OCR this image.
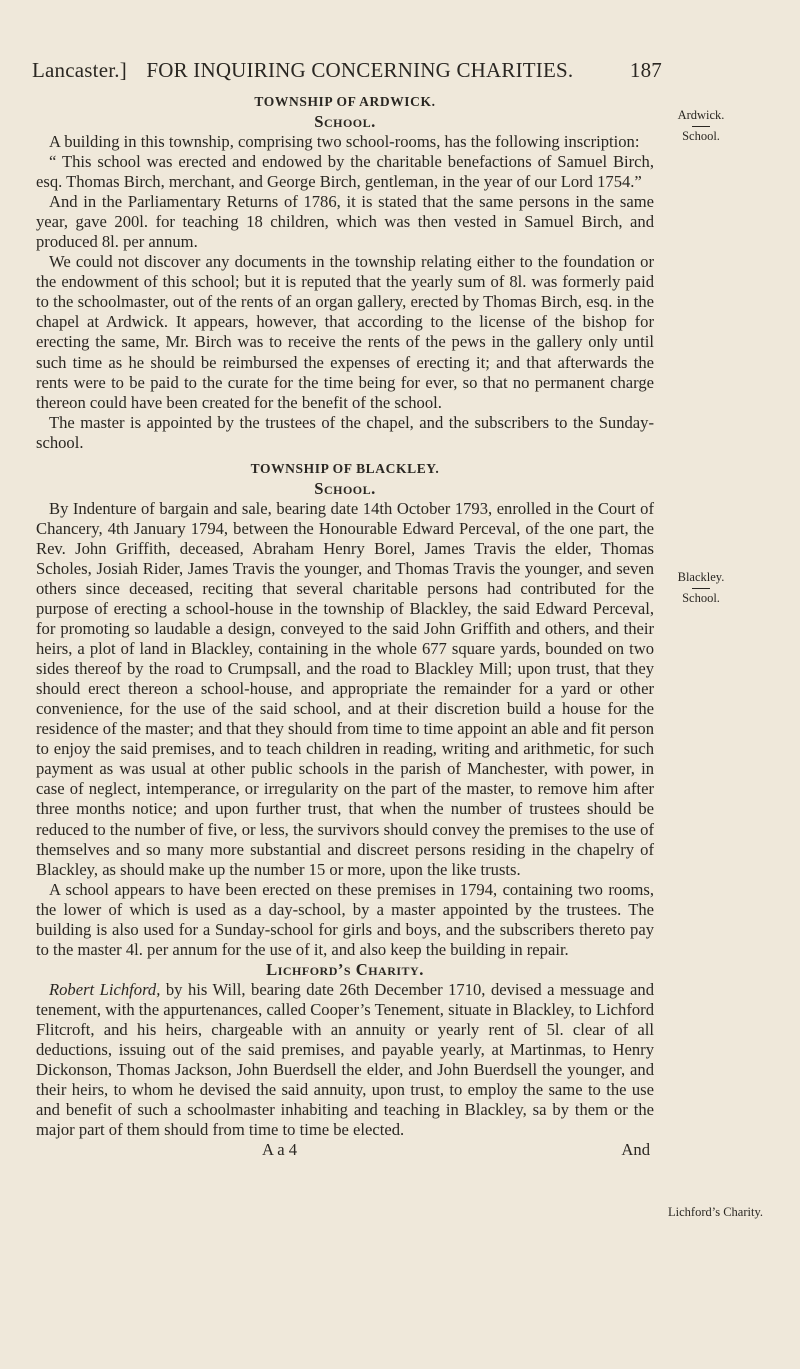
Lancaster.] FOR INQUIRING CONCERNING CHARITIES.	187
TOWNSHIP OF ARDWICK.
School.

A building in this township, comprising two school-rooms, has the following inscription:

“ This school was erected and endowed by the charitable benefactions of Samuel Birch, esq. Thomas Birch, merchant, and George Birch, gentleman, in the year of our Lord 1754.”

And in the Parliamentary Returns of 1786, it is stated that the same persons in the same year, gave 200l. for teaching 18 children, which was then vested in Samuel Birch, and produced 8l. per annum.

We could not discover any documents in the township relating either to the foundation or the endowment of this school; but it is reputed that the yearly sum of 8l. was formerly paid to the schoolmaster, out of the rents of an organ gallery, erected by Thomas Birch, esq. in the chapel at Ardwick. It appears, however, that according to the license of the bishop for erecting the same, Mr. Birch was to receive the rents of the pews in the gallery only until such time as he should be reimbursed the expenses of erecting it; and that afterwards the rents were to be paid to the curate for the time being for ever, so that no permanent charge thereon could have been created for the benefit of the school.

The master is appointed by the trustees of the chapel, and the subscribers to the Sunday-school.

TOWNSHIP OF BLACKLEY.
School.

By Indenture of bargain and sale, bearing date 14th October 1793, enrolled in the Court of Chancery, 4th January 1794, between the Honourable Edward Perceval, of the one part, the Rev. John Griffith, deceased, Abraham Henry Borel, James Travis the elder, Thomas Scholes, Josiah Rider, James Travis the younger, and Thomas Travis the younger, and seven others since deceased, reciting that several charitable persons had contributed for the purpose of erecting a school-house in the township of Blackley, the said Edward Perceval, for promoting so laudable a design, conveyed to the said John Griffith and others, and their heirs, a plot of land in Blackley, containing in the whole 677 square yards, bounded on two sides thereof by the road to Crumpsall, and the road to Blackley Mill; upon trust, that they should erect thereon a school-house, and appropriate the remainder for a yard or other convenience, for the use of the said school, and at their discretion build a house for the residence of the master; and that they should from time to time appoint an able and fit person to enjoy the said premises, and to teach children in reading, writing and arithmetic, for such payment as was usual at other public schools in the parish of Manchester, with power, in case of neglect, intemperance, or irregularity on the part of the master, to remove him after three months notice; and upon further trust, that when the number of trustees should be reduced to the number of five, or less, the survivors should convey the premises to the use of themselves and so many more substantial and discreet persons residing in the chapelry of Blackley, as should make up the number 15 or more, upon the like trusts.

A school appears to have been erected on these premises in 1794, containing two rooms, the lower of which is used as a day-school, by a master appointed by the trustees. The building is also used for a Sunday-school for girls and boys, and the subscribers thereto pay to the master 4l. per annum for the use of it, and also keep the building in repair.

Lichford’s Charity.

Robert Lichford, by his Will, bearing date 26th December 1710, devised a messuage and tenement, with the appurtenances, called Cooper’s Tenement, situate in Blackley, to Lichford Flitcroft, and his heirs, chargeable with an annuity or yearly rent of 5l. clear of all deductions, issuing out of the said premises, and payable yearly, at Martinmas, to Henry Dickonson, Thomas Jackson, John Buerdsell the elder, and John Buerdsell the younger, and their heirs, to whom he devised the said annuity, upon trust, to employ the same to the use and benefit of such a schoolmaster inhabiting and teaching in Blackley, sa by them or the major part of them should from time to time be elected.

A a 4	And
Ardwick.
School.
Blackley.
School.
Lichford’s Charity.
